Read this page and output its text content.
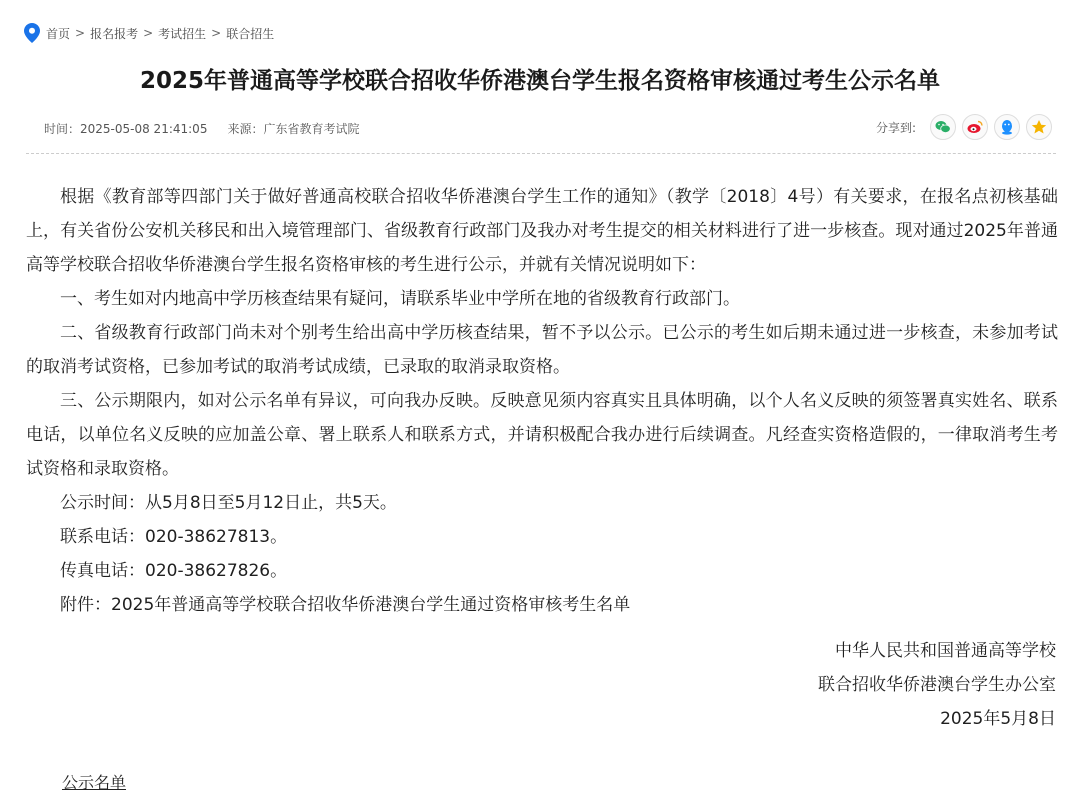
首页 > 报名报考 > 考试招生 > 联合招生
2025年普通高等学校联合招收华侨港澳台学生报名资格审核通过考生公示名单
时间：2025-05-08 21:41:05 来源：广东省教育考试院	分享到:

根据《教育部等四部门关于做好普通高校联合招收华侨港澳台学生工作的通知》（教学〔2018〕4号）有关要求，在报名点初核基础上，有关省份公安机关移民和出入境管理部门、省级教育行政部门及我办对考生提交的相关材料进行了进一步核查。现对通过2025年普通高等学校联合招收华侨港澳台学生报名资格审核的考生进行公示，并就有关情况说明如下：

一、考生如对内地高中学历核查结果有疑问，请联系毕业中学所在地的省级教育行政部门。

二、省级教育行政部门尚未对个别考生给出高中学历核查结果，暂不予以公示。已公示的考生如后期未通过进一步核查，未参加考试的取消考试资格，已参加考试的取消考试成绩，已录取的取消录取资格。

三、公示期限内，如对公示名单有异议，可向我办反映。反映意见须内容真实且具体明确，以个人名义反映的须签署真实姓名、联系电话，以单位名义反映的应加盖公章、署上联系人和联系方式，并请积极配合我办进行后续调查。凡经查实资格造假的，一律取消考生考试资格和录取资格。

公示时间：从5月8日至5月12日止，共5天。

联系电话：020-38627813。

传真电话：020-38627826。

附件：2025年普通高等学校联合招收华侨港澳台学生通过资格审核考生名单

中华人民共和国普通高等学校
联合招收华侨港澳台学生办公室
2025年5月8日
公示名单
